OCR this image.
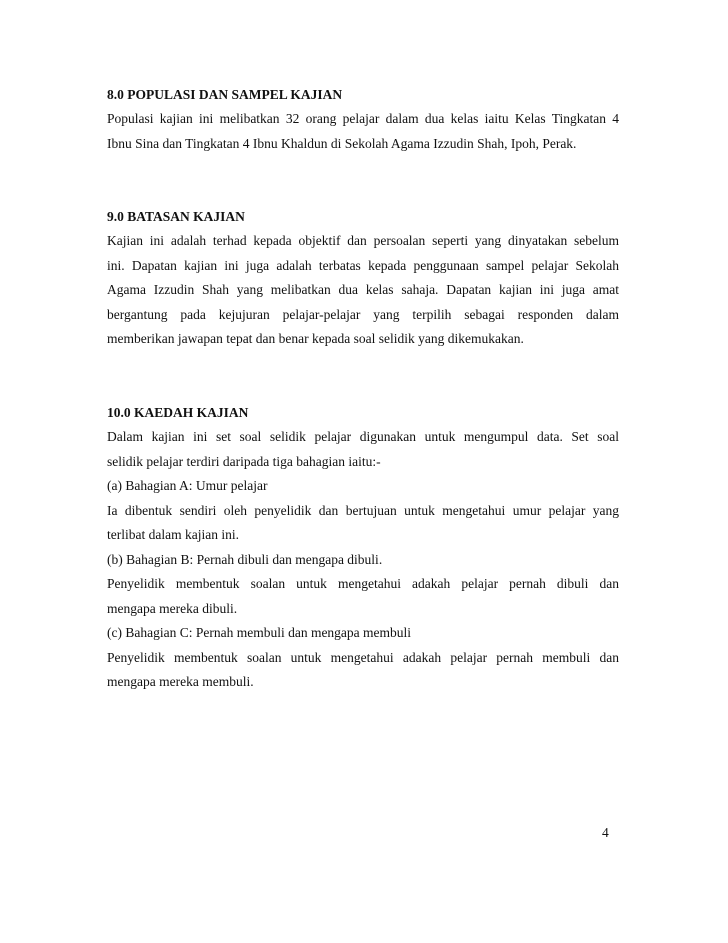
8.0 POPULASI DAN SAMPEL KAJIAN
Populasi kajian ini melibatkan 32 orang pelajar dalam dua kelas iaitu Kelas Tingkatan 4
Ibnu Sina dan Tingkatan 4 Ibnu Khaldun di Sekolah Agama Izzudin Shah, Ipoh, Perak.
9.0 BATASAN KAJIAN
Kajian ini adalah terhad kepada objektif dan persoalan seperti yang dinyatakan sebelum
ini. Dapatan kajian ini juga adalah terbatas kepada penggunaan sampel pelajar Sekolah
Agama Izzudin Shah yang melibatkan dua kelas sahaja. Dapatan kajian ini juga amat
bergantung pada kejujuran pelajar-pelajar yang terpilih sebagai responden dalam
memberikan jawapan tepat dan benar kepada soal selidik yang dikemukakan.
10.0 KAEDAH KAJIAN
Dalam kajian ini set soal selidik pelajar digunakan untuk mengumpul data. Set soal
selidik pelajar terdiri daripada tiga bahagian iaitu:-
(a) Bahagian A: Umur pelajar
Ia dibentuk sendiri oleh penyelidik dan bertujuan untuk mengetahui umur pelajar yang
terlibat dalam kajian ini.
(b) Bahagian B: Pernah dibuli dan mengapa dibuli.
Penyelidik membentuk soalan untuk mengetahui adakah pelajar pernah dibuli dan
mengapa mereka dibuli.
(c) Bahagian C: Pernah membuli dan mengapa membuli
Penyelidik membentuk soalan untuk mengetahui adakah pelajar pernah membuli dan
mengapa mereka membuli.
4
